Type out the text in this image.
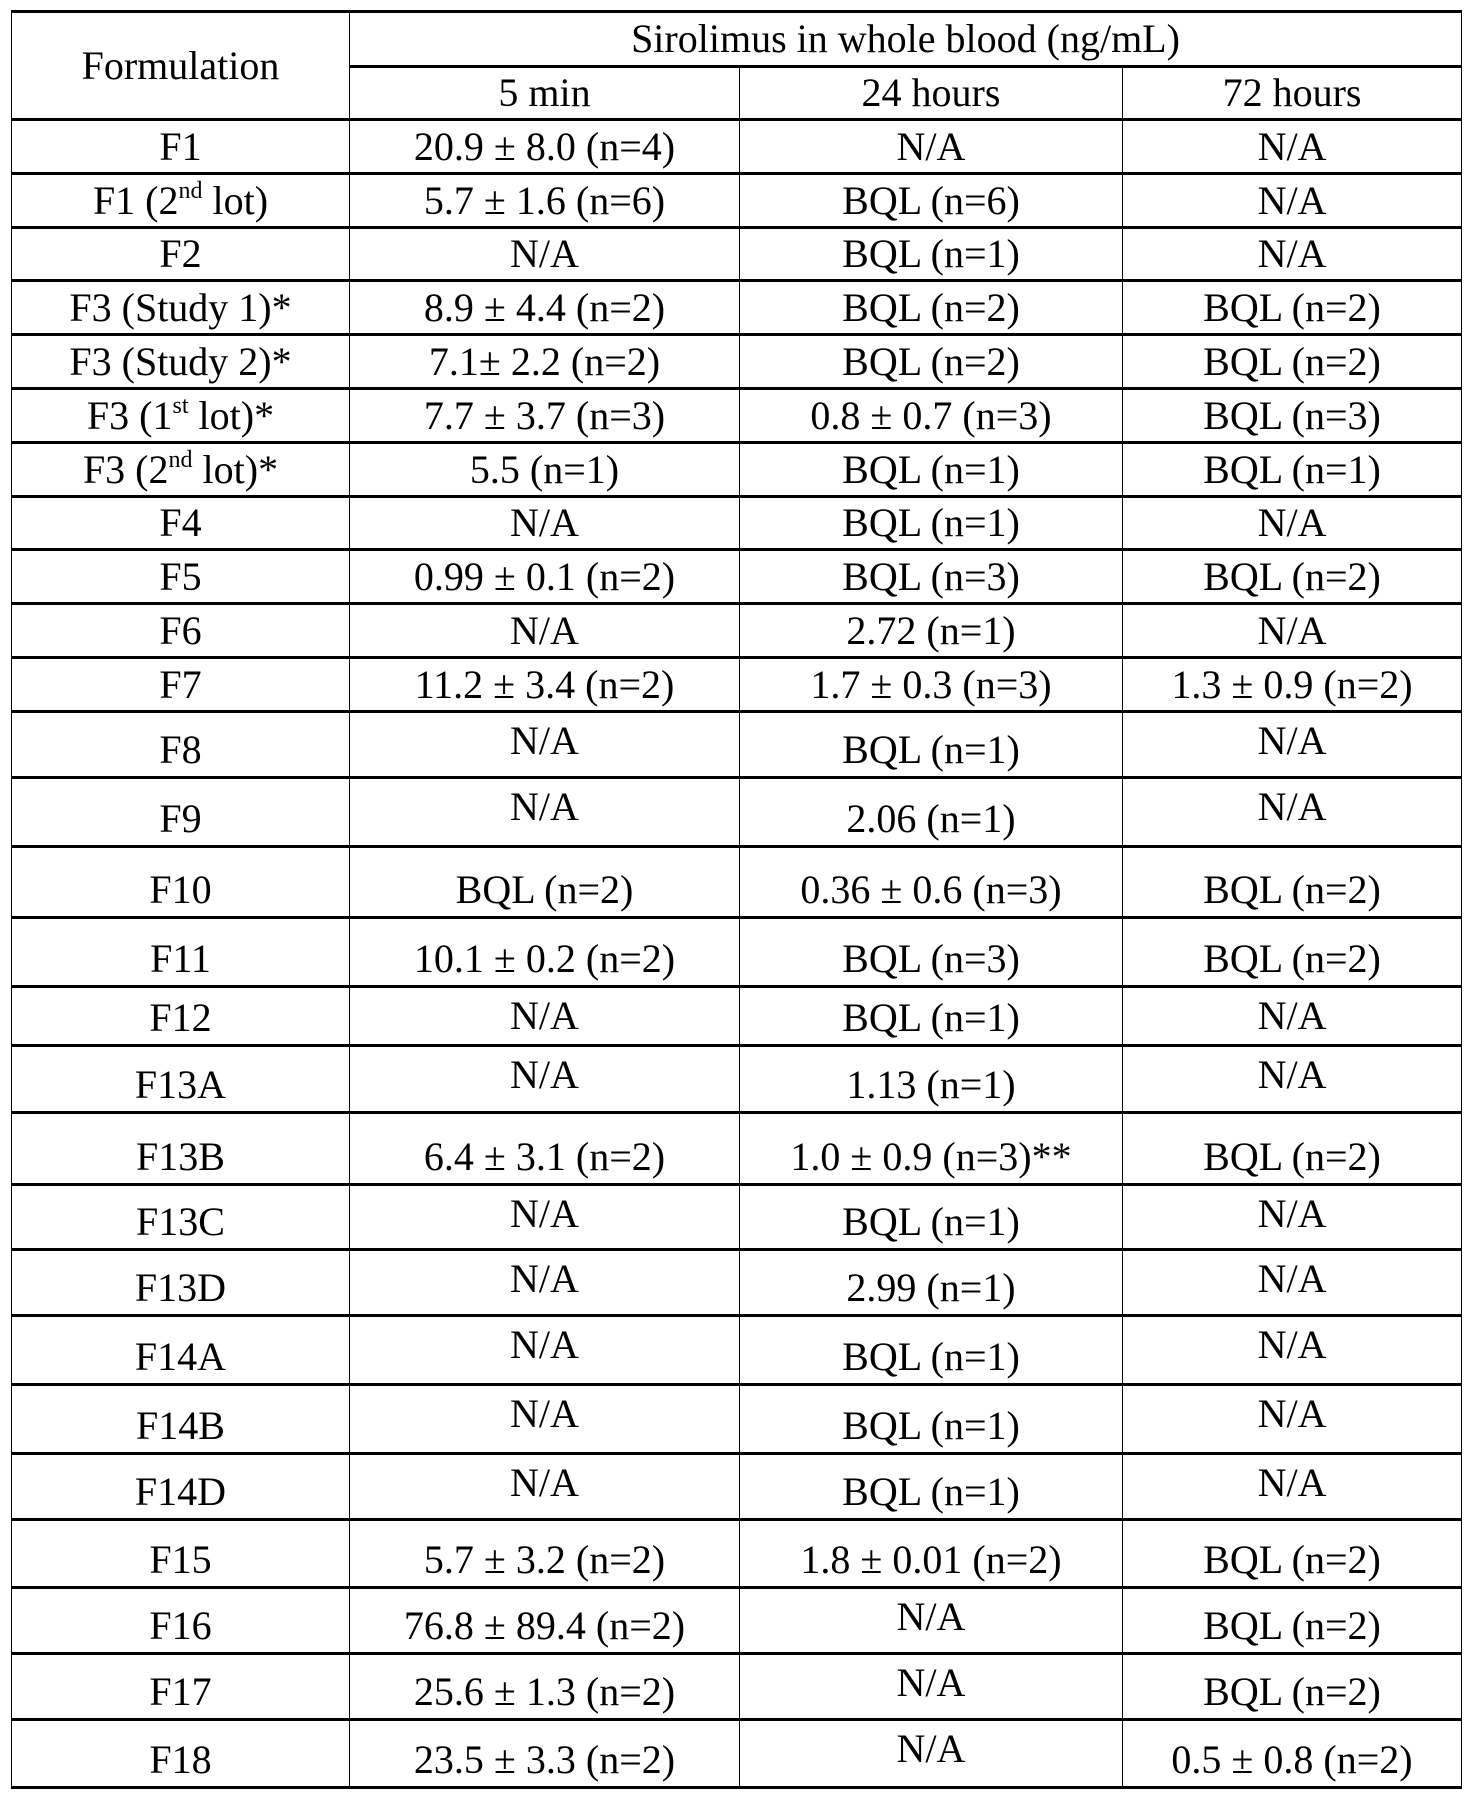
Formulation	Sirolimus in whole blood (ng/mL)
5 min	24 hours	72 hours
F1	20.9 ± 8.0 (n=4)	N/A	N/A
F1 (2nd lot)	5.7 ± 1.6 (n=6)	BQL (n=6)	N/A
F2	N/A	BQL (n=1)	N/A
F3 (Study 1)*	8.9 ± 4.4 (n=2)	BQL (n=2)	BQL (n=2)
F3 (Study 2)*	7.1± 2.2 (n=2)	BQL (n=2)	BQL (n=2)
F3 (1st lot)*	7.7 ± 3.7 (n=3)	0.8 ± 0.7 (n=3)	BQL (n=3)
F3 (2nd lot)*	5.5 (n=1)	BQL (n=1)	BQL (n=1)
F4	N/A	BQL (n=1)	N/A
F5	0.99 ± 0.1 (n=2)	BQL (n=3)	BQL (n=2)
F6	N/A	2.72 (n=1)	N/A
F7	11.2 ± 3.4 (n=2)	1.7 ± 0.3 (n=3)	1.3 ± 0.9 (n=2)
F8	N/A	BQL (n=1)	N/A
F9	N/A	2.06 (n=1)	N/A
F10	BQL (n=2)	0.36 ± 0.6 (n=3)	BQL (n=2)
F11	10.1 ± 0.2 (n=2)	BQL (n=3)	BQL (n=2)
F12	N/A	BQL (n=1)	N/A
F13A	N/A	1.13 (n=1)	N/A
F13B	6.4 ± 3.1 (n=2)	1.0 ± 0.9 (n=3)**	BQL (n=2)
F13C	N/A	BQL (n=1)	N/A
F13D	N/A	2.99 (n=1)	N/A
F14A	N/A	BQL (n=1)	N/A
F14B	N/A	BQL (n=1)	N/A
F14D	N/A	BQL (n=1)	N/A
F15	5.7 ± 3.2 (n=2)	1.8 ± 0.01 (n=2)	BQL (n=2)
F16	76.8 ± 89.4 (n=2)	N/A	BQL (n=2)
F17	25.6 ± 1.3 (n=2)	N/A	BQL (n=2)
F18	23.5 ± 3.3 (n=2)	N/A	0.5 ± 0.8 (n=2)
